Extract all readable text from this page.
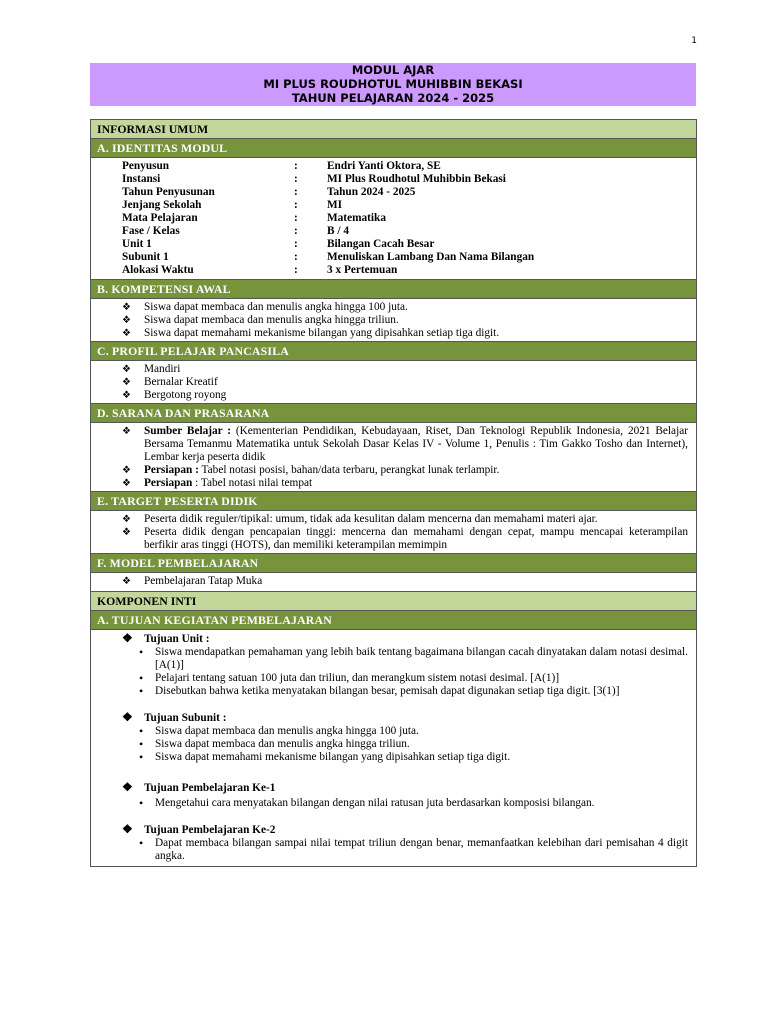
1
MODUL AJAR
MI PLUS ROUDHOTUL MUHIBBIN BEKASI
TAHUN PELAJARAN 2024 - 2025
INFORMASI UMUM
A. IDENTITAS MODUL
Penyusun	:	Endri Yanti Oktora, SE
Instansi	:	MI Plus Roudhotul Muhibbin Bekasi
Tahun Penyusunan	:	Tahun 2024 - 2025
Jenjang Sekolah	:	MI
Mata Pelajaran	:	Matematika
Fase / Kelas	:	B / 4
Unit 1	:	Bilangan Cacah Besar
Subunit 1	:	Menuliskan Lambang Dan Nama Bilangan
Alokasi Waktu	:	3 x Pertemuan
B. KOMPETENSI AWAL
❖ Siswa dapat membaca dan menulis angka hingga 100 juta.
❖ Siswa dapat membaca dan menulis angka hingga triliun.
❖ Siswa dapat memahami mekanisme bilangan yang dipisahkan setiap tiga digit.
C. PROFIL PELAJAR PANCASILA
❖ Mandiri
❖ Bernalar Kreatif
❖ Bergotong royong
D. SARANA DAN PRASARANA
❖ Sumber Belajar : (Kementerian Pendidikan, Kebudayaan, Riset, Dan Teknologi Republik Indonesia, 2021 Belajar Bersama Temanmu Matematika untuk Sekolah Dasar Kelas IV - Volume 1, Penulis : Tim Gakko Tosho dan Internet), Lembar kerja peserta didik
❖ Persiapan : Tabel notasi posisi, bahan/data terbaru, perangkat lunak terlampir.
❖ Persiapan : Tabel notasi nilai tempat
E. TARGET PESERTA DIDIK
❖ Peserta didik reguler/tipikal: umum, tidak ada kesulitan dalam mencerna dan memahami materi ajar.
❖ Peserta didik dengan pencapaian tinggi: mencerna dan memahami dengan cepat, mampu mencapai keterampilan berfikir aras tinggi (HOTS), dan memiliki keterampilan memimpin
F. MODEL PEMBELAJARAN
❖ Pembelajaran Tatap Muka
KOMPONEN INTI
A. TUJUAN KEGIATAN PEMBELAJARAN
❖ Tujuan Unit :
• Siswa mendapatkan pemahaman yang lebih baik tentang bagaimana bilangan cacah dinyatakan dalam notasi desimal. [A(1)]
• Pelajari tentang satuan 100 juta dan triliun, dan merangkum sistem notasi desimal. [A(1)]
• Disebutkan bahwa ketika menyatakan bilangan besar, pemisah dapat digunakan setiap tiga digit. [3(1)]
❖ Tujuan Subunit :
• Siswa dapat membaca dan menulis angka hingga 100 juta.
• Siswa dapat membaca dan menulis angka hingga triliun.
• Siswa dapat memahami mekanisme bilangan yang dipisahkan setiap tiga digit.
❖ Tujuan Pembelajaran Ke-1
• Mengetahui cara menyatakan bilangan dengan nilai ratusan juta berdasarkan komposisi bilangan.
❖ Tujuan Pembelajaran Ke-2
• Dapat membaca bilangan sampai nilai tempat triliun dengan benar, memanfaatkan kelebihan dari pemisahan 4 digit angka.
